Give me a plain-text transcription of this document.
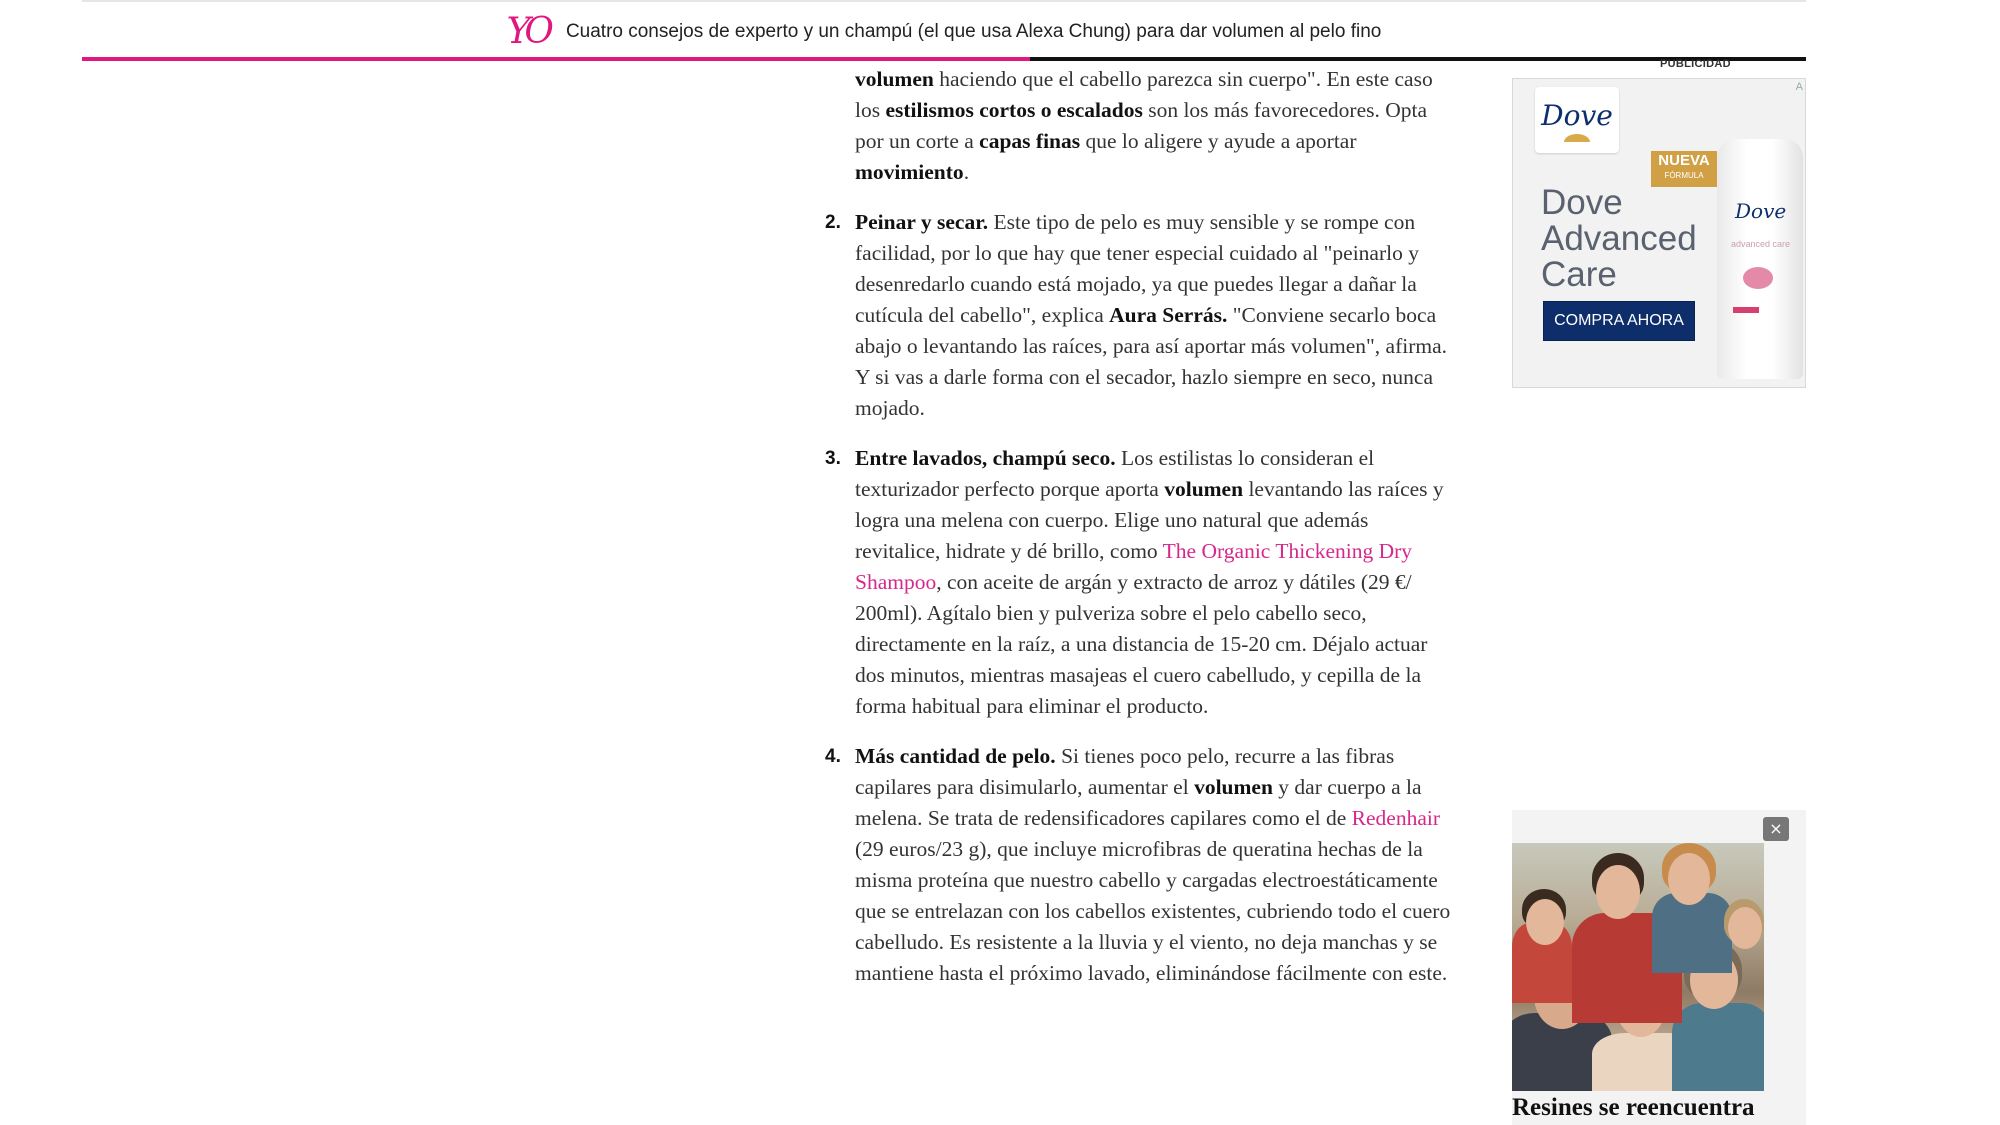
YO Cuatro consejos de experto y un champú (el que usa Alexa Chung) para dar volumen al pelo fino

volumen haciendo que el cabello parezca sin cuerpo". En este caso los estilismos cortos o escalados son los más favorecedores. Opta por un corte a capas finas que lo aligere y ayude a aportar movimiento.

2. Peinar y secar. Este tipo de pelo es muy sensible y se rompe con facilidad, por lo que hay que tener especial cuidado al "peinarlo y desenredarlo cuando está mojado, ya que puedes llegar a dañar la cutícula del cabello", explica Aura Serrás. "Conviene secarlo boca abajo o levantando las raíces, para así aportar más volumen", afirma. Y si vas a darle forma con el secador, hazlo siempre en seco, nunca mojado.

3. Entre lavados, champú seco. Los estilistas lo consideran el texturizador perfecto porque aporta volumen levantando las raíces y logra una melena con cuerpo. Elige uno natural que además revitalice, hidrate y dé brillo, como The Organic Thickening Dry Shampoo, con aceite de argán y extracto de arroz y dátiles (29 €/ 200ml). Agítalo bien y pulveriza sobre el pelo cabello seco, directamente en la raíz, a una distancia de 15-20 cm. Déjalo actuar dos minutos, mientras masajeas el cuero cabelludo, y cepilla de la forma habitual para eliminar el producto.

4. Más cantidad de pelo. Si tienes poco pelo, recurre a las fibras capilares para disimularlo, aumentar el volumen y dar cuerpo a la melena. Se trata de redensificadores capilares como el de Redenhair (29 euros/23 g), que incluye microfibras de queratina hechas de la misma proteína que nuestro cabello y cargadas electroestáticamente que se entrelazan con los cabellos existentes, cubriendo todo el cuero cabelludo. Es resistente a la lluvia y el viento, no deja manchas y se mantiene hasta el próximo lavado, eliminándose fácilmente con este.

PUBLICIDAD
A
Dove
NUEVA
FÓRMULA
Dove Advanced Care
COMPRA AHORA
Dove
advanced care
×
Resines se reencuentra
